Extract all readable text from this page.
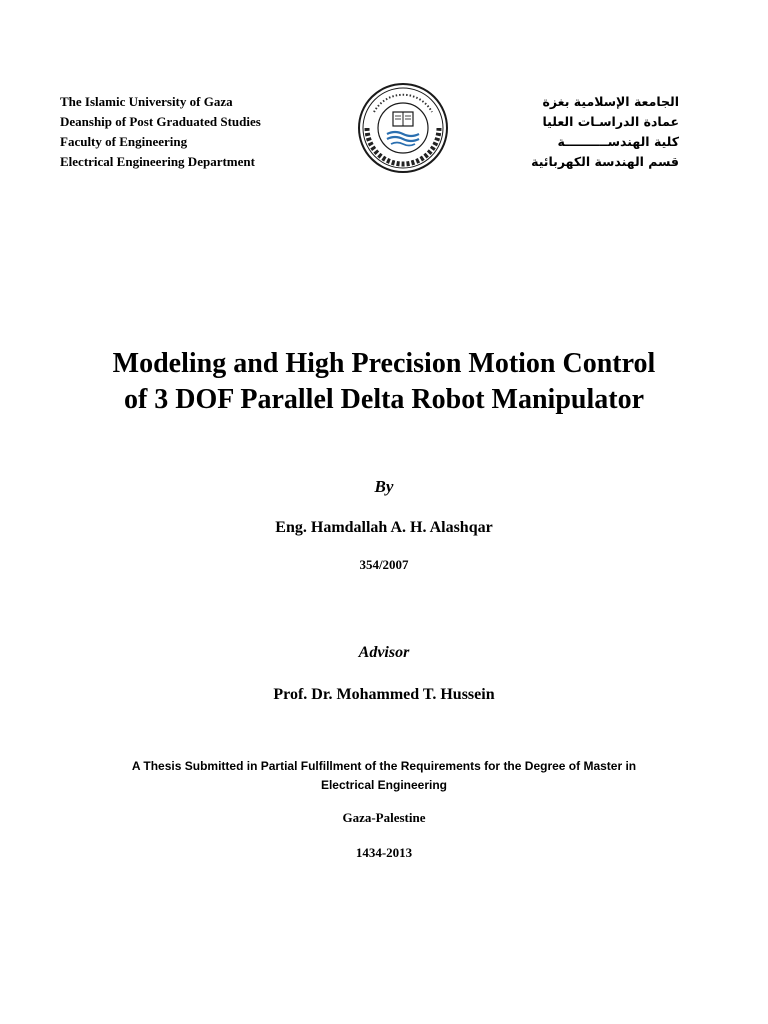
The Islamic University of Gaza
Deanship of Post Graduated Studies
Faculty of Engineering
Electrical Engineering Department
الجامعة الإسلامية بغزة
عمادة الدراسـات العليا
كلية الهندســــــــــة
قسم الهندسة الكهربائية
Modeling and High Precision Motion Control
of 3 DOF Parallel Delta Robot Manipulator
By
Eng. Hamdallah A. H. Alashqar
354/2007
Advisor
Prof. Dr. Mohammed T. Hussein
A Thesis Submitted in Partial Fulfillment of the Requirements for the Degree of Master in
Electrical Engineering
Gaza-Palestine
1434-2013
